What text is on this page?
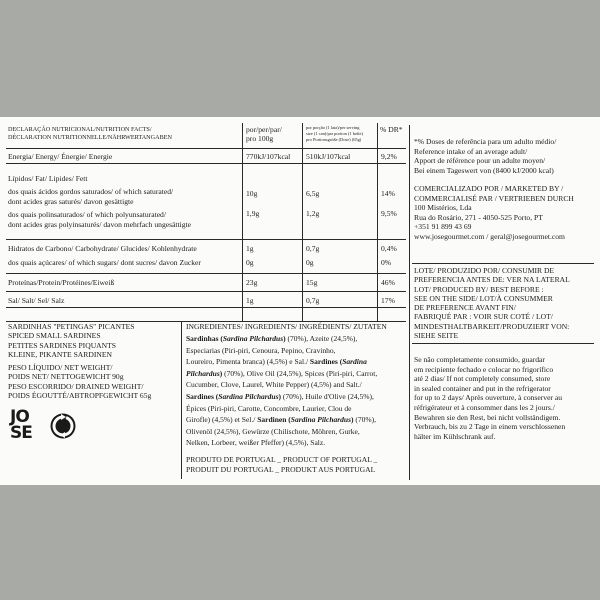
DECLARAÇÃO NUTRICIONAL/NUTRITION FACTS/
DÉCLARATION NUTRITIONNELLE/NÄHRWERTANGABEN
por/per/par/
pro 100g
por porção (1 lata)/per serving
size (1 can)/par portion (1 boîte)
pro Portionsgröße (Dose) (65g)
% DR*
Energia/ Energy/ Énergie/ Energie	770kJ/107kcal 510kJ/107kcal	9,2%
Lípidos/ Fat/ Lipides/ Fett
dos quais ácidos gordos saturados/ of which saturated/
dont acides gras saturés/ davon gesättigte
10g	6,5g	14%
dos quais polinsaturados/ of which polyunsaturated/
dont acides gras polyinsaturés/ davon mehrfach ungesättigte
1,9g	1,2g	9,5%
Hidratos de Carbono/ Carbohydrate/ Glucides/ Kohlenhydrate	1g	0,7g	0,4%
dos quais açúcares/ of which sugars/ dont sucres/ davon Zucker	0g	0g	0%
Proteínas/Protein/Protéines/Eiweiß	23g	15g	46%
Sal/ Salt/ Sel/ Salz	1g	0,7g	17%
*% Doses de referência para um adulto médio/
Reference intake of an average adult/
Apport de référence pour un adulte moyen/
Bei einem Tageswert von (8400 kJ/2000 kcal)
COMERCIALIZADO POR / MARKETED BY /
COMMERCIALISÉ PAR / VERTRIEBEN DURCH
100 Mistérios, Lda
Rua do Rosário, 271 - 4050-525 Porto, PT
+351 91 899 43 69
www.josegourmet.com / geral@josegourmet.com
LOTE/ PRODUZIDO POR/ CONSUMIR DE
PREFERENCIA ANTES DE: VER NA LATERAL
LOT/ PRODUCED BY/ BEST BEFORE :
SEE ON THE SIDE/ LOT/À CONSUMMER
DE PREFERENCE AVANT FIN/
FABRIQUÉ PAR : VOIR SUR COTÉ / LOT/
MINDESTHALTBARKEIT/PRODUZIERT VON:
SIEHE SEITE
Se não completamente consumido, guardar
em recipiente fechado e colocar no frigorífico
até 2 dias/ If not completely consumed, store
in sealed container and put in the refrigerator
for up to 2 days/ Après ouverture, à conserver au
réfrigérateur et à consommer dans les 2 jours./
Bewahren sie den Rest, bei nicht vollständigem.
Verbrauch, bis zu 2 Tage in einem verschlossenen
hälter im Kühlschrank auf.
SARDINHAS "PETINGAS" PICANTES
SPICED SMALL SARDINES
PETITES SARDINES PIQUANTS
KLEINE, PIKANTE SARDINEN
PESO LÍQUIDO/ NET WEIGHT/
POIDS NET/ NETTOGEWICHT 90g
PESO ESCORRIDO/ DRAINED WEIGHT/
POIDS ÉGOUTTÉ/ABTROPFGEWICHT 65g
JO
SE
INGREDIENTES/ INGREDIENTS/ INGRÉDIENTS/ ZUTATEN
Sardinhas (Sardina Pilchardus) (70%), Azeite (24,5%),
Especiarias (Piri-piri, Cenoura, Pepino, Cravinho,
Loureiro, Pimenta branca) (4,5%) e Sal./ Sardines (Sardina
Pilchardus) (70%), Olive Oil (24,5%), Spices (Piri-piri, Carrot,
Cucumber, Clove, Laurel, White Pepper) (4,5%) and Salt./
Sardines (Sardina Pilchardus) (70%), Huile d'Olive (24,5%),
Épices (Piri-piri, Carotte, Concombre, Laurier, Clou de
Girofle) (4,5%) et Sel./ Sardinen (Sardina Pilchardus) (70%),
Olivenöl (24,5%), Gewürze (Chilischote, Möhren, Gurke,
Nelken, Lorbeer, weißer Pfeffer) (4,5%), Salz.
PRODUTO DE PORTUGAL _ PRODUCT OF PORTUGAL _
PRODUIT DU PORTUGAL _ PRODUKT AUS PORTUGAL
